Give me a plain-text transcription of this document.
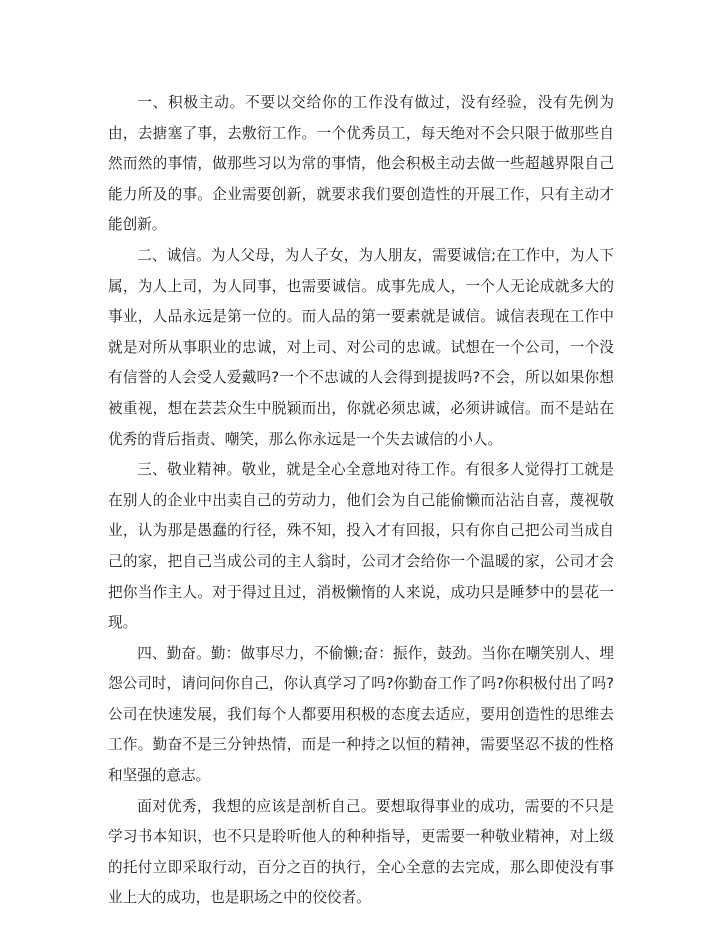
一、积极主动。不要以交给你的工作没有做过，没有经验，没有先例为由，去搪塞了事，去敷衍工作。一个优秀员工，每天绝对不会只限于做那些自然而然的事情，做那些习以为常的事情，他会积极主动去做一些超越界限自己能力所及的事。企业需要创新，就要求我们要创造性的开展工作，只有主动才能创新。

二、诚信。为人父母，为人子女，为人朋友，需要诚信;在工作中，为人下属，为人上司，为人同事，也需要诚信。成事先成人，一个人无论成就多大的事业，人品永远是第一位的。而人品的第一要素就是诚信。诚信表现在工作中就是对所从事职业的忠诚，对上司、对公司的忠诚。试想在一个公司，一个没有信誉的人会受人爱戴吗?一个不忠诚的人会得到提拔吗?不会，所以如果你想被重视，想在芸芸众生中脱颖而出，你就必须忠诚，必须讲诚信。而不是站在优秀的背后指责、嘲笑，那么你永远是一个失去诚信的小人。

三、敬业精神。敬业，就是全心全意地对待工作。有很多人觉得打工就是在别人的企业中出卖自己的劳动力，他们会为自己能偷懒而沾沾自喜，蔑视敬业，认为那是愚蠢的行径，殊不知，投入才有回报，只有你自己把公司当成自己的家，把自己当成公司的主人翁时，公司才会给你一个温暖的家，公司才会把你当作主人。对于得过且过，消极懒惰的人来说，成功只是睡梦中的昙花一现。

四、勤奋。勤：做事尽力，不偷懒;奋：振作，鼓劲。当你在嘲笑别人、埋怨公司时，请问问你自己，你认真学习了吗?你勤奋工作了吗?你积极付出了吗?公司在快速发展，我们每个人都要用积极的态度去适应，要用创造性的思维去工作。勤奋不是三分钟热情，而是一种持之以恒的精神，需要坚忍不拔的性格和坚强的意志。

面对优秀，我想的应该是剖析自己。要想取得事业的成功，需要的不只是学习书本知识，也不只是聆听他人的种种指导，更需要一种敬业精神，对上级的托付立即采取行动，百分之百的执行，全心全意的去完成，那么即使没有事业上大的成功，也是职场之中的佼佼者。
